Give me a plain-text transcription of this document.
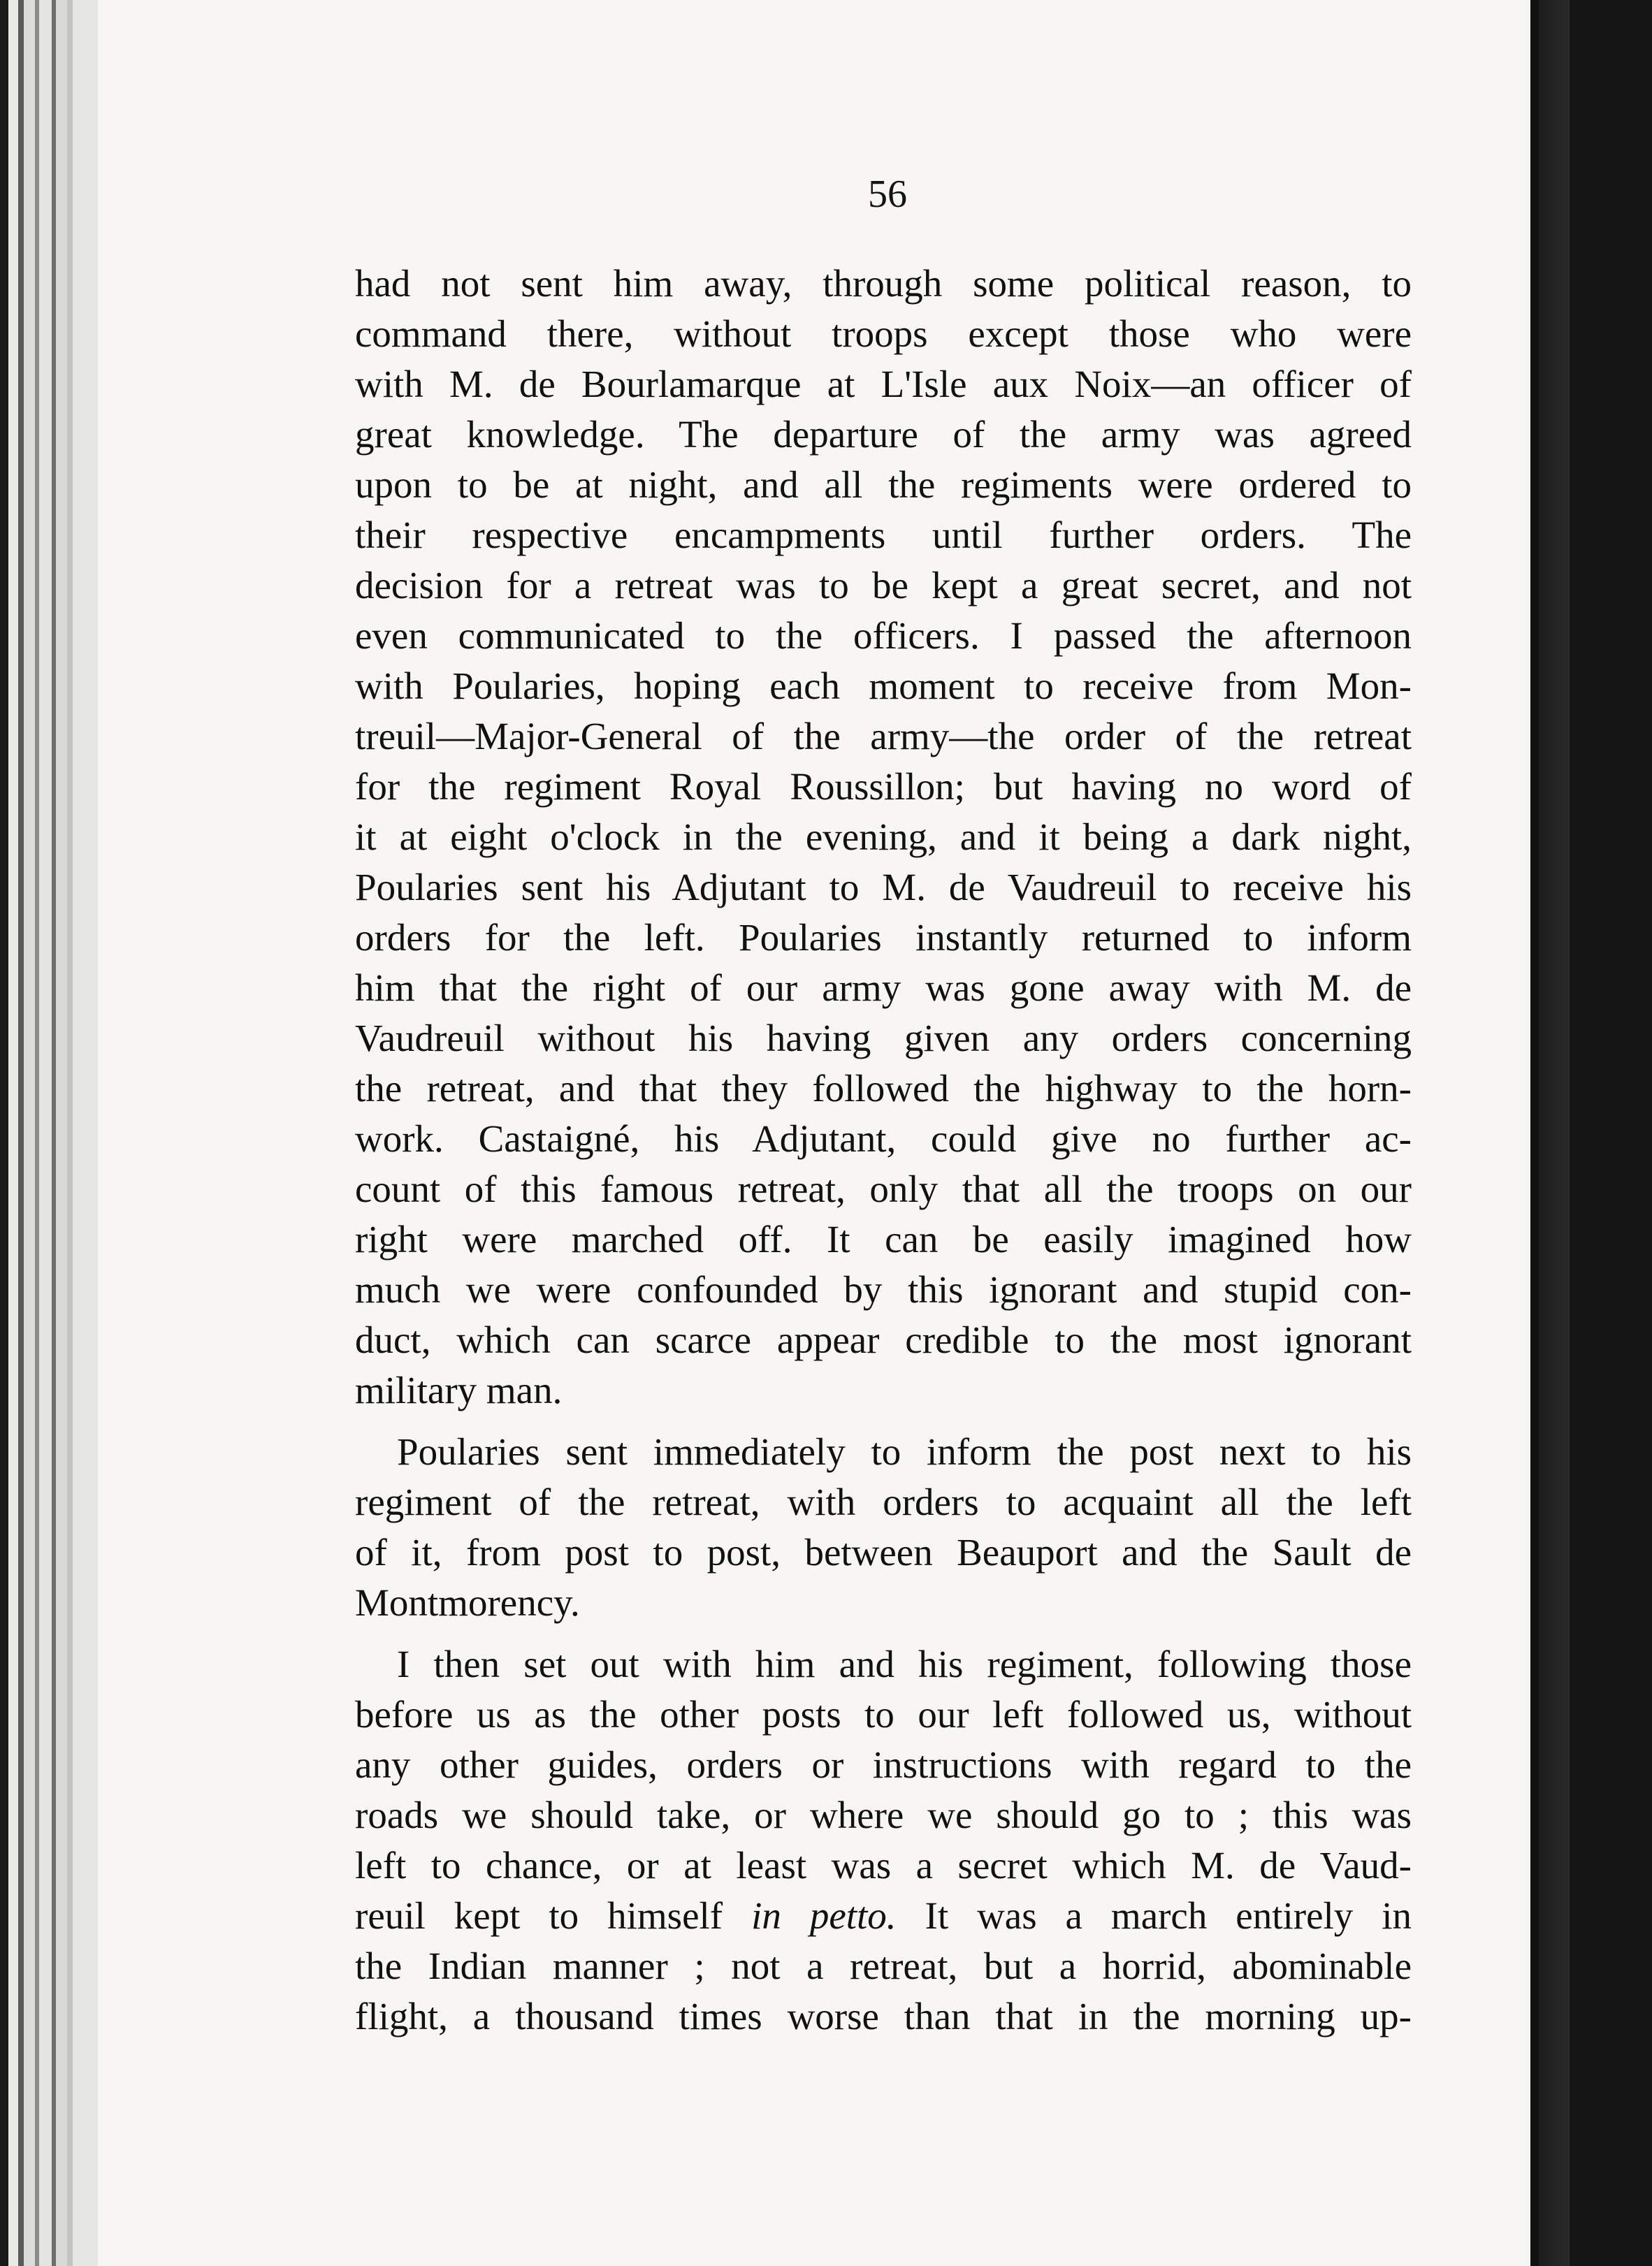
56
had not sent him away, through some political reason, to
command there, without troops except those who were
with M. de Bourlamarque at L'Isle aux Noix—an officer of
great knowledge. The departure of the army was agreed
upon to be at night, and all the regiments were ordered to
their respective encampments until further orders. The
decision for a retreat was to be kept a great secret, and not
even communicated to the officers. I passed the afternoon
with Poularies, hoping each moment to receive from Mon-
treuil—Major-General of the army—the order of the retreat
for the regiment Royal Roussillon; but having no word of
it at eight o'clock in the evening, and it being a dark night,
Poularies sent his Adjutant to M. de Vaudreuil to receive his
orders for the left. Poularies instantly returned to inform
him that the right of our army was gone away with M. de
Vaudreuil without his having given any orders concerning
the retreat, and that they followed the highway to the horn-
work. Castaigné, his Adjutant, could give no further ac-
count of this famous retreat, only that all the troops on our
right were marched off. It can be easily imagined how
much we were confounded by this ignorant and stupid con-
duct, which can scarce appear credible to the most ignorant
military man.
Poularies sent immediately to inform the post next to his
regiment of the retreat, with orders to acquaint all the left
of it, from post to post, between Beauport and the Sault de
Montmorency.
I then set out with him and his regiment, following those
before us as the other posts to our left followed us, without
any other guides, orders or instructions with regard to the
roads we should take, or where we should go to ; this was
left to chance, or at least was a secret which M. de Vaud-
reuil kept to himself in petto. It was a march entirely in
the Indian manner ; not a retreat, but a horrid, abominable
flight, a thousand times worse than that in the morning up-
